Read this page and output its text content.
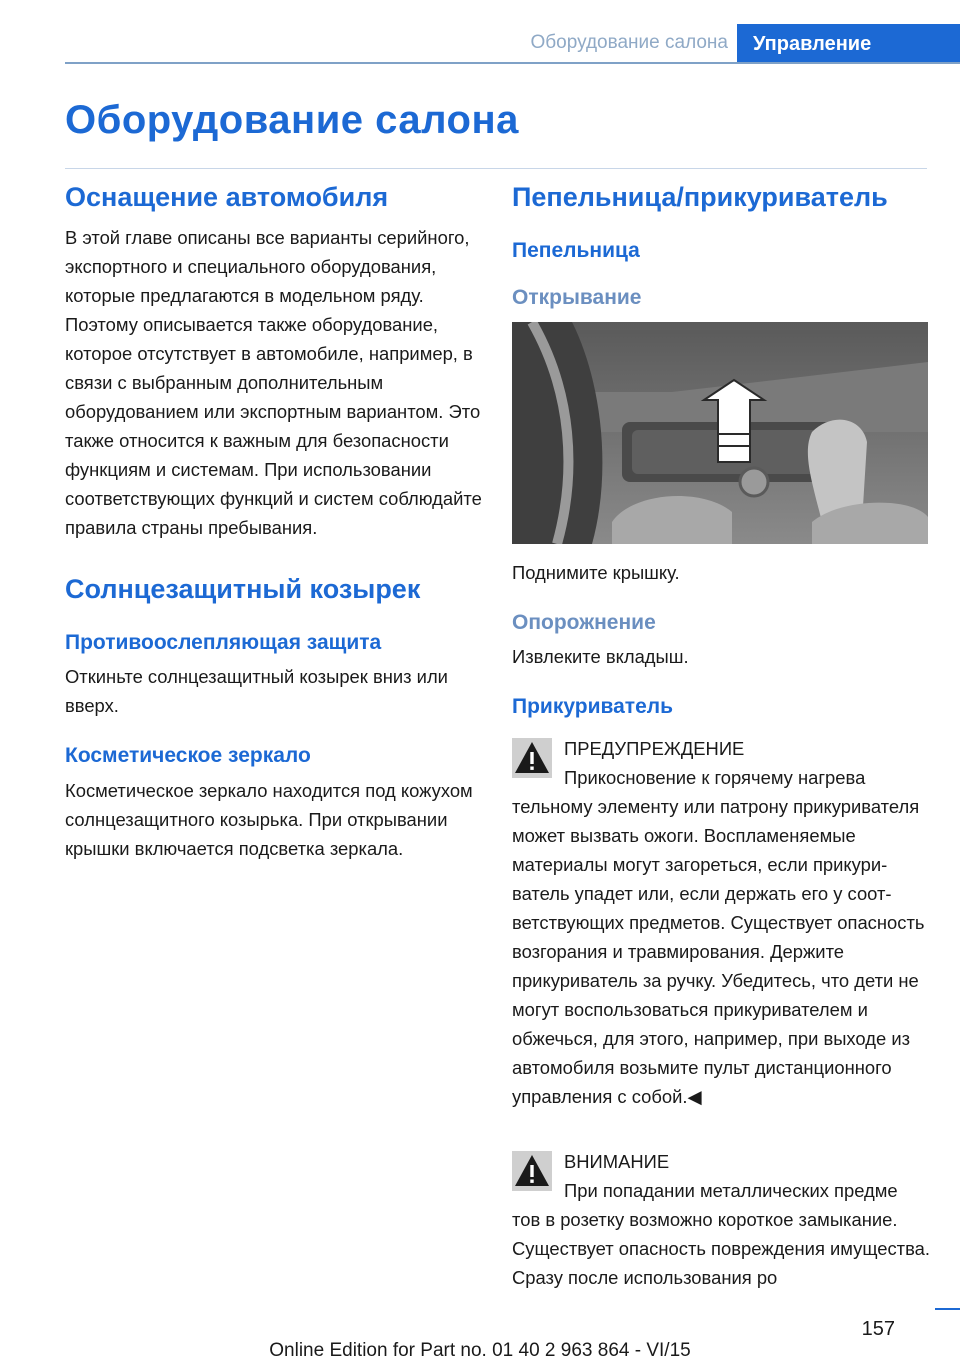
Оборудование салона	Управление
Оборудование салона
Оснащение автомобиля

В этой главе описаны все варианты серийного, экспортного и специального оборудования, которые предлагаются в модельном ряду. Поэтому описывается также оборудование, которое отсутствует в автомобиле, например, в связи с выбранным дополнительным оборудованием или экспортным вариантом. Это также относится к важным для безопасности функциям и системам. При использовании соответствующих функций и систем соблюдайте правила страны пребывания.

Солнцезащитный козырек
Противоослепляющая защита

Откиньте солнцезащитный козырек вниз или вверх.

Косметическое зеркало

Косметическое зеркало находится под кожухом солнцезащитного козырька. При открывании крышки включается подсветка зеркала.

Пепельница/прикуриватель
Пепельница
Открывание

Поднимите крышку.

Опорожнение

Извлеките вкладыш.

Прикуриватель
ПРЕДУПРЕЖДЕНИЕ
Прикосновение к горячему нагрева
тельному элементу или патрону прикуривателя может вызвать ожоги. Воспламеняемые материалы могут загореться, если прикуриватель упадет или, если держать его у соответствующих предметов. Существует опасность возгорания и травмирования. Держите прикуриватель за ручку. Убедитесь, что дети не могут воспользоваться прикуривателем и обжечься, для этого, например, при выходе из автомобиля возьмите пульт дистанционного управления с собой.◀
ВНИМАНИЕ
При попадании металлических предме
тов в розетку возможно короткое замыкание. Существует опасность повреждения имущества. Сразу после использования ро
157
Online Edition for Part no. 01 40 2 963 864 - VI/15
